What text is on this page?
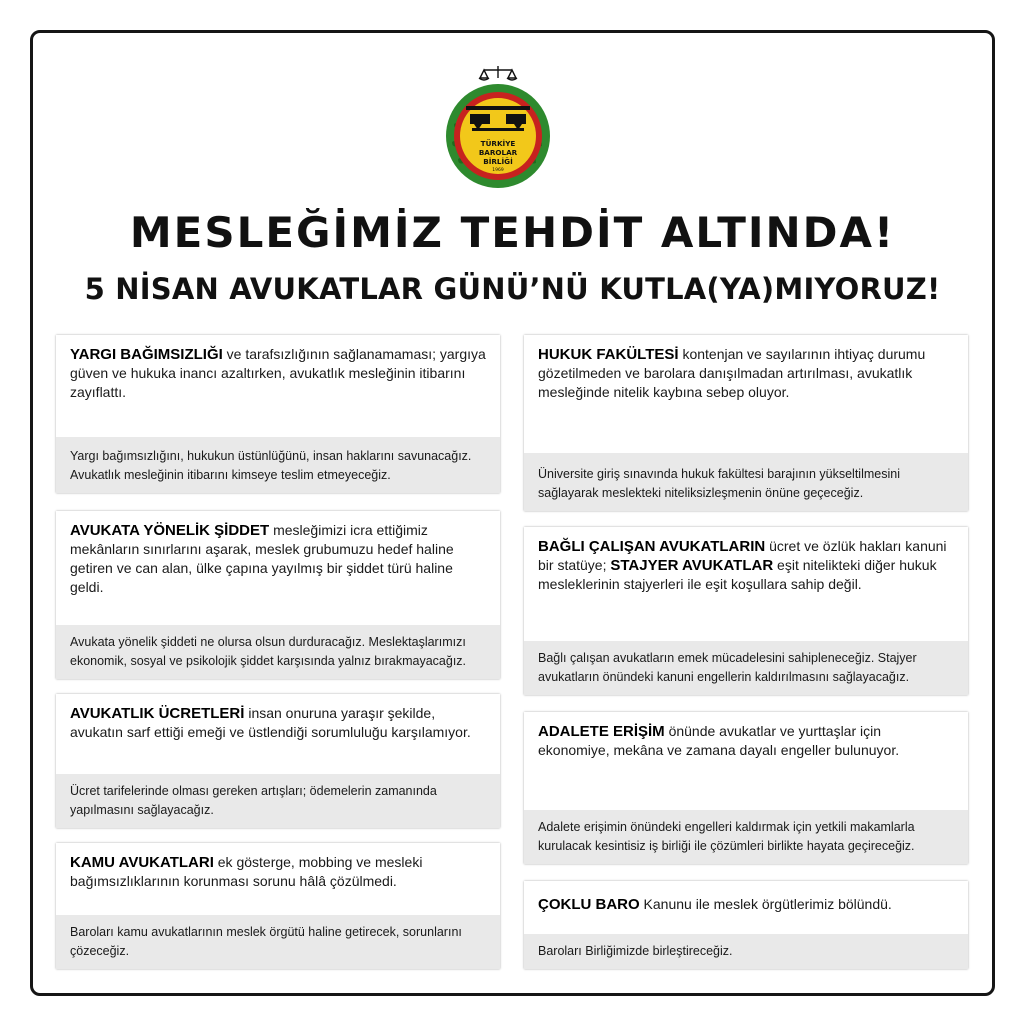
TÜRKİYE
BAROLAR
BİRLİĞİ
1969
MESLEĞİMİZ TEHDİT ALTINDA!
5 NİSAN AVUKATLAR GÜNÜ’NÜ KUTLA(YA)MIYORUZ!
YARGI BAĞIMSIZLIĞI ve tarafsızlığının sağlanamaması; yargıya güven ve hukuka inancı azaltırken, avukatlık mesleğinin itibarını zayıflattı.
Yargı bağımsızlığını, hukukun üstünlüğünü, insan haklarını savunacağız. Avukatlık mesleğinin itibarını kimseye teslim etmeyeceğiz.
AVUKATA YÖNELİK ŞİDDET mesleğimizi icra ettiğimiz mekânların sınırlarını aşarak, meslek grubumuzu hedef haline getiren ve can alan, ülke çapına yayılmış bir şiddet türü haline geldi.
Avukata yönelik şiddeti ne olursa olsun durduracağız. Meslektaşlarımızı ekonomik, sosyal ve psikolojik şiddet karşısında yalnız bırakmayacağız.
AVUKATLIK ÜCRETLERİ insan onuruna yaraşır şekilde, avukatın sarf ettiği emeği ve üstlendiği sorumluluğu karşılamıyor.
Ücret tarifelerinde olması gereken artışları; ödemelerin zamanında yapılmasını sağlayacağız.
KAMU AVUKATLARI ek gösterge, mobbing ve mesleki bağımsızlıklarının korunması sorunu hâlâ çözülmedi.
Baroları kamu avukatlarının meslek örgütü haline getirecek, sorunlarını çözeceğiz.
HUKUK FAKÜLTESİ kontenjan ve sayılarının ihtiyaç durumu gözetilmeden ve barolara danışılmadan artırılması, avukatlık mesleğinde nitelik kaybına sebep oluyor.
Üniversite giriş sınavında hukuk fakültesi barajının yükseltilmesini sağlayarak meslekteki niteliksizleşmenin önüne geçeceğiz.
BAĞLI ÇALIŞAN AVUKATLARIN ücret ve özlük hakları kanuni bir statüye; STAJYER AVUKATLAR eşit nitelikteki diğer hukuk mesleklerinin stajyerleri ile eşit koşullara sahip değil.
Bağlı çalışan avukatların emek mücadelesini sahipleneceğiz. Stajyer avukatların önündeki kanuni engellerin kaldırılmasını sağlayacağız.
ADALETE ERİŞİM önünde avukatlar ve yurttaşlar için ekonomiye, mekâna ve zamana dayalı engeller bulunuyor.
Adalete erişimin önündeki engelleri kaldırmak için yetkili makamlarla kurulacak kesintisiz iş birliği ile çözümleri birlikte hayata geçireceğiz.
ÇOKLU BARO Kanunu ile meslek örgütlerimiz bölündü.
Baroları Birliğimizde birleştireceğiz.
